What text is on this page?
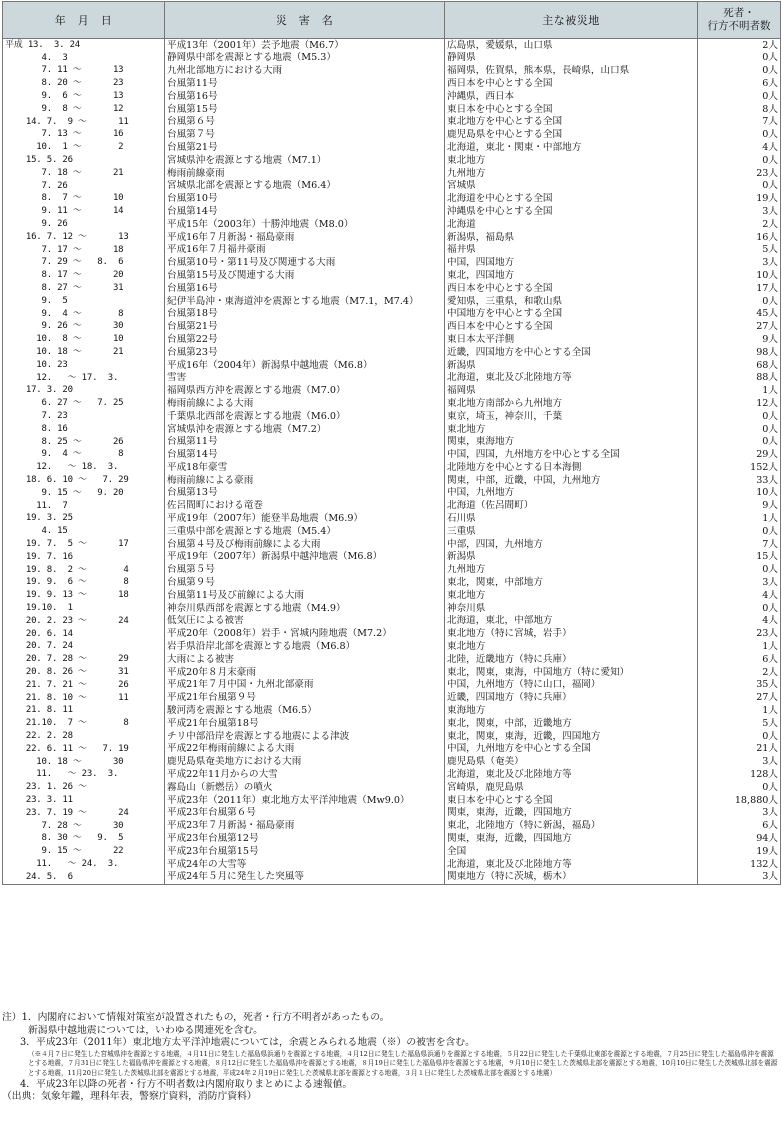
年　月　日	災　害　名	主な被災地	死者・
行方不明者数
平成 13.  3. 24	平成13年（2001年）芸予地震（M6.7）	広島県，愛媛県，山口県	2人
4.  3	静岡県中部を震源とする地震（M5.3）	静岡県	0人
7. 11 ～      13	九州北部地方における大雨	福岡県，佐賀県，熊本県，長崎県，山口県	0人
8. 20 ～      23	台風第11号	西日本を中心とする全国	6人
9.  6 ～      13	台風第16号	沖縄県，西日本	0人
9.  8 ～      12	台風第15号	東日本を中心とする全国	8人
14. 7.  9 ～      11	台風第６号	東北地方を中心とする全国	7人
7. 13 ～      16	台風第７号	鹿児島県を中心とする全国	0人
10.  1 ～       2	台風第21号	北海道，東北・関東・中部地方	4人
15. 5. 26	宮城県沖を震源とする地震（M7.1）	東北地方	0人
7. 18 ～      21	梅雨前線豪雨	九州地方	23人
7. 26	宮城県北部を震源とする地震（M6.4）	宮城県	0人
8.  7 ～      10	台風第10号	北海道を中心とする全国	19人
9. 11 ～      14	台風第14号	沖縄県を中心とする全国	3人
9. 26	平成15年（2003年）十勝沖地震（M8.0）	北海道	2人
16. 7. 12 ～      13	平成16年７月新潟・福島豪雨	新潟県，福島県	16人
7. 17 ～      18	平成16年７月福井豪雨	福井県	5人
7. 29 ～   8.  6	台風第10号・第11号及び関連する大雨	中国，四国地方	3人
8. 17 ～      20	台風第15号及び関連する大雨	東北，四国地方	10人
8. 27 ～      31	台風第16号	西日本を中心とする全国	17人
9.  5	紀伊半島沖・東海道沖を震源とする地震（M7.1，M7.4）	愛知県，三重県，和歌山県	0人
9.  4 ～       8	台風第18号	中国地方を中心とする全国	45人
9. 26 ～      30	台風第21号	西日本を中心とする全国	27人
10.  8 ～      10	台風第22号	東日本太平洋側	9人
10. 18 ～      21	台風第23号	近畿，四国地方を中心とする全国	98人
10. 23	平成16年（2004年）新潟県中越地震（M6.8）	新潟県	68人
12.   ～ 17.  3.	雪害	北海道，東北及び北陸地方等	88人
17. 3. 20	福岡県西方沖を震源とする地震（M7.0）	福岡県	1人
6. 27 ～   7. 25	梅雨前線による大雨	東北地方南部から九州地方	12人
7. 23	千葉県北西部を震源とする地震（M6.0）	東京，埼玉，神奈川，千葉	0人
8. 16	宮城県沖を震源とする地震（M7.2）	東北地方	0人
8. 25 ～      26	台風第11号	関東，東海地方	0人
9.  4 ～       8	台風第14号	中国，四国，九州地方を中心とする全国	29人
12.   ～ 18.  3.	平成18年豪雪	北陸地方を中心とする日本海側	152人
18. 6. 10 ～   7. 29	梅雨前線による豪雨	関東，中部，近畿，中国，九州地方	33人
9. 15 ～   9. 20	台風第13号	中国，九州地方	10人
11.  7	佐呂間町における竜巻	北海道（佐呂間町）	9人
19. 3. 25	平成19年（2007年）能登半島地震（M6.9）	石川県	1人
4. 15	三重県中部を震源とする地震（M5.4）	三重県	0人
19. 7.  5 ～      17	台風第４号及び梅雨前線による大雨	中部，四国，九州地方	7人
19. 7. 16	平成19年（2007年）新潟県中越沖地震（M6.8）	新潟県	15人
19. 8.  2 ～       4	台風第５号	九州地方	0人
19. 9.  6 ～       8	台風第９号	東北，関東，中部地方	3人
19. 9. 13 ～      18	台風第11号及び前線による大雨	東北地方	4人
19.10.  1	神奈川県西部を震源とする地震（M4.9）	神奈川県	0人
20. 2. 23 ～      24	低気圧による被害	北海道，東北，中部地方	4人
20. 6. 14	平成20年（2008年）岩手・宮城内陸地震（M7.2）	東北地方（特に宮城，岩手）	23人
20. 7. 24	岩手県沿岸北部を震源とする地震（M6.8）	東北地方	1人
20. 7. 28 ～      29	大雨による被害	北陸，近畿地方（特に兵庫）	6人
20. 8. 26 ～      31	平成20年８月末豪雨	東北，関東，東海，中国地方（特に愛知）	2人
21. 7. 21 ～      26	平成21年７月中国・九州北部豪雨	中国，九州地方（特に山口，福岡）	35人
21. 8. 10 ～      11	平成21年台風第９号	近畿，四国地方（特に兵庫）	27人
21. 8. 11	駿河湾を震源とする地震（M6.5）	東海地方	1人
21.10.  7 ～       8	平成21年台風第18号	東北，関東，中部，近畿地方	5人
22. 2. 28	チリ中部沿岸を震源とする地震による津波	東北，関東，東海，近畿，四国地方	0人
22. 6. 11 ～   7. 19	平成22年梅雨前線による大雨	中国，九州地方を中心とする全国	21人
10. 18 ～      30	鹿児島県奄美地方における大雨	鹿児島県（奄美）	3人
11.   ～ 23.  3.	平成22年11月からの大雪	北海道，東北及び北陸地方等	128人
23. 1. 26 ～	霧島山（新燃岳）の噴火	宮崎県，鹿児島県	0人
23. 3. 11	平成23年（2011年）東北地方太平洋沖地震（Mw9.0）	東日本を中心とする全国	18,880人
23. 7. 19 ～      24	平成23年台風第６号	関東，東海，近畿，四国地方	3人
7. 28 ～      30	平成23年７月新潟・福島豪雨	東北，北陸地方（特に新潟，福島）	6人
8. 30 ～   9.  5	平成23年台風第12号	関東，東海，近畿，四国地方	94人
9. 15 ～      22	平成23年台風第15号	全国	19人
11.   ～ 24.  3.	平成24年の大雪等	北海道，東北及び北陸地方等	132人
24. 5.  6	平成24年５月に発生した突風等	関東地方（特に茨城，栃木）	3人
注）1．内閣府において情報対策室が設置されたもの，死者・行方不明者があったもの。
新潟県中越地震については，いわゆる関連死を含む。
3．平成23年（2011年）東北地方太平洋沖地震については，余震とみられる地震（※）の被害を含む。
（※４月７日に発生した宮城県沖を震源とする地震，４月11日に発生した福島県浜通りを震源とする地震，４月12日に発生した福島県浜通りを震源とする地震，５月22日に発生した千葉県北東部を震源とする地震，７月25日に発生した福島県沖を震源とする地震，７月31日に発生した福島県沖を震源とする地震，８月12日に発生した福島県沖を震源とする地震，８月19日に発生した福島県沖を震源とする地震，９月10日に発生した茨城県北部を震源とする地震，10月10日に発生した茨城県北部を震源とする地震，11月20日に発生した茨城県北部を震源とする地震，平成24年２月19日に発生した茨城県北部を震源とする地震，３月１日に発生した茨城県北部を震源とする地震）
4．平成23年以降の死者・行方不明者数は内閣府取りまとめによる速報値。
（出典：気象年鑑，理科年表，警察庁資料，消防庁資料）
